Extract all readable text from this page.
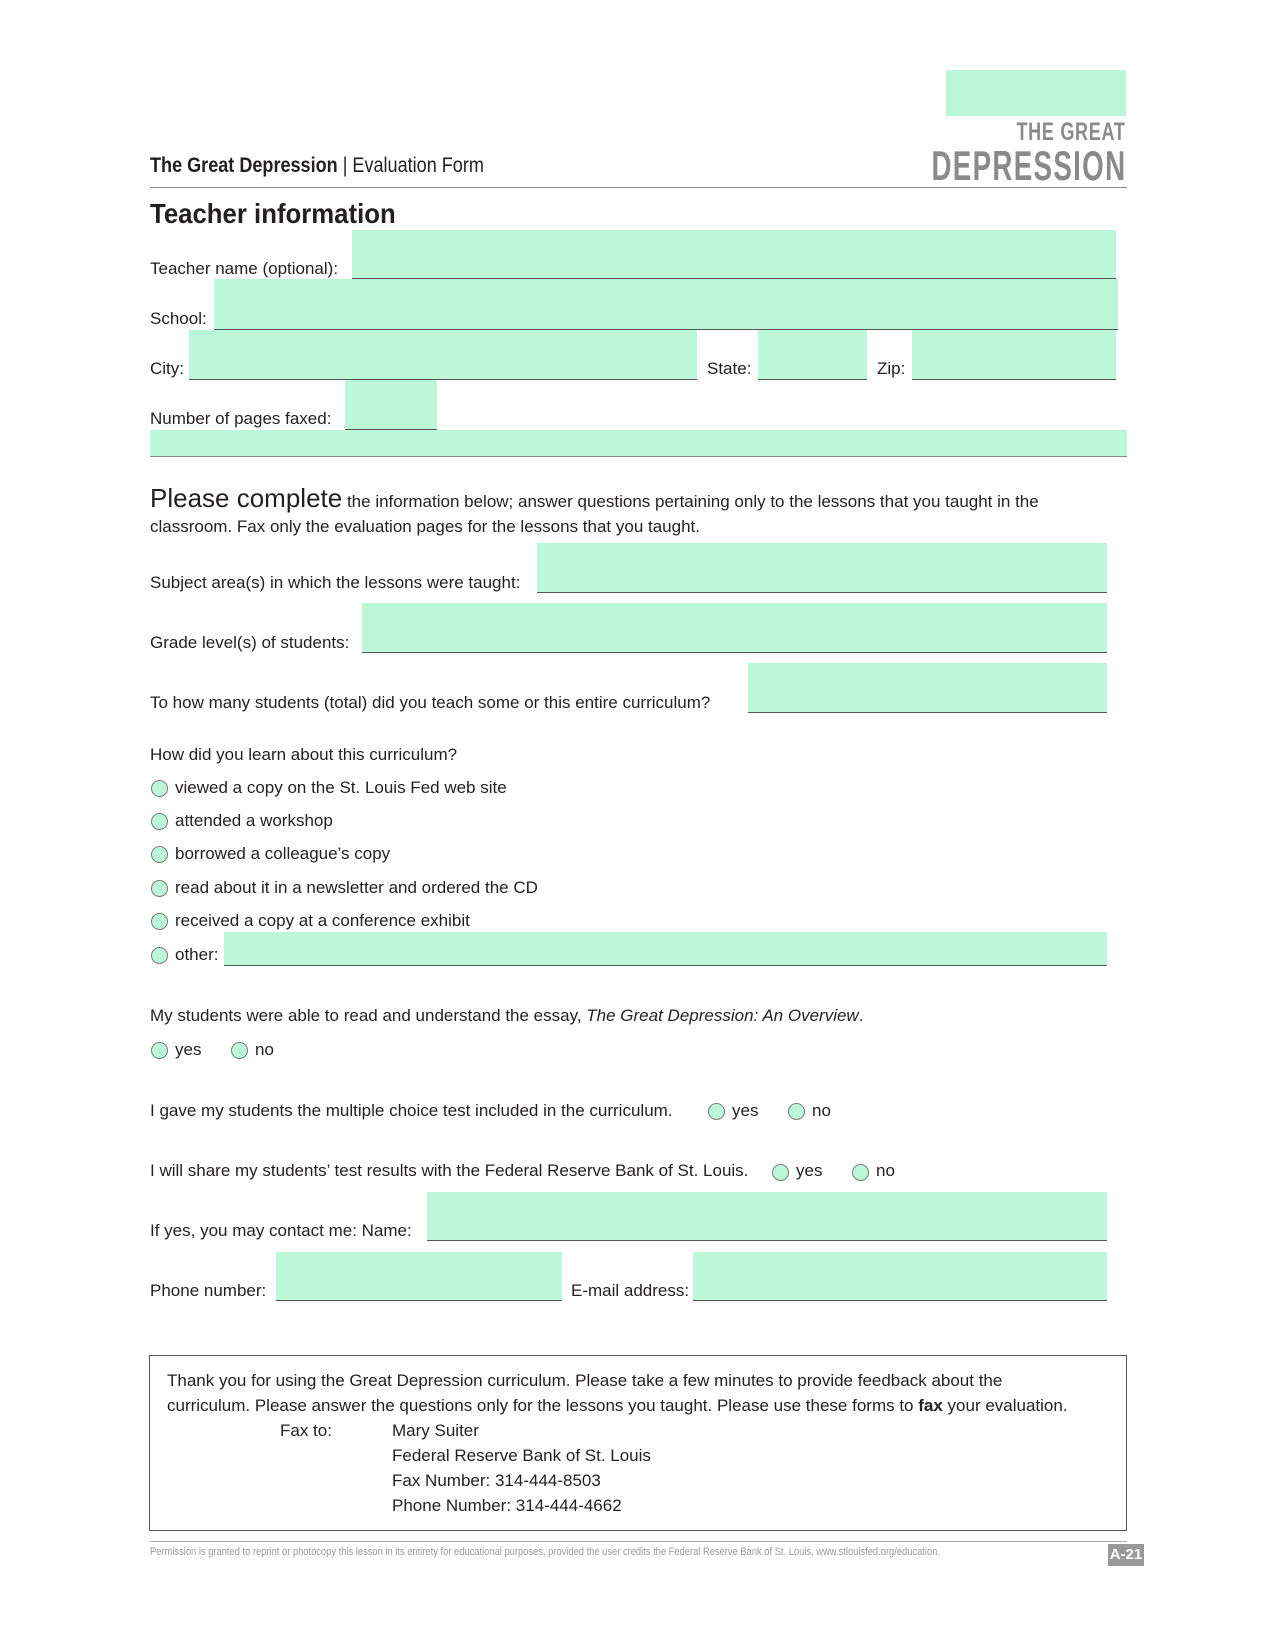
The Great Depression | Evaluation Form
THE GREAT
DEPRESSION
Teacher information
Teacher name (optional):
School:
City:	State:	Zip:
Number of pages faxed:
Please complete the information below; answer questions pertaining only to the lessons that you taught in the classroom. Fax only the evaluation pages for the lessons that you taught.
Subject area(s) in which the lessons were taught:
Grade level(s) of students:
To how many students (total) did you teach some or this entire curriculum?
How did you learn about this curriculum?
viewed a copy on the St. Louis Fed web site
attended a workshop
borrowed a colleague’s copy
read about it in a newsletter and ordered the CD
received a copy at a conference exhibit
other:
My students were able to read and understand the essay, The Great Depression: An Overview.
yes	no
I gave my students the multiple choice test included in the curriculum.	yes	no
I will share my students’ test results with the Federal Reserve Bank of St. Louis.	yes	no
If yes, you may contact me: Name:
Phone number:	E-mail address:
Thank you for using the Great Depression curriculum. Please take a few minutes to provide feedback about the
curriculum. Please answer the questions only for the lessons you taught. Please use these forms to fax your evaluation.
Fax to:	Mary Suiter
Federal Reserve Bank of St. Louis
Fax Number: 314-444-8503
Phone Number: 314-444-4662
Permission is granted to reprint or photocopy this lesson in its entirety for educational purposes, provided the user credits the Federal Reserve Bank of St. Louis, www.stlouisfed.org/education.	A-21
